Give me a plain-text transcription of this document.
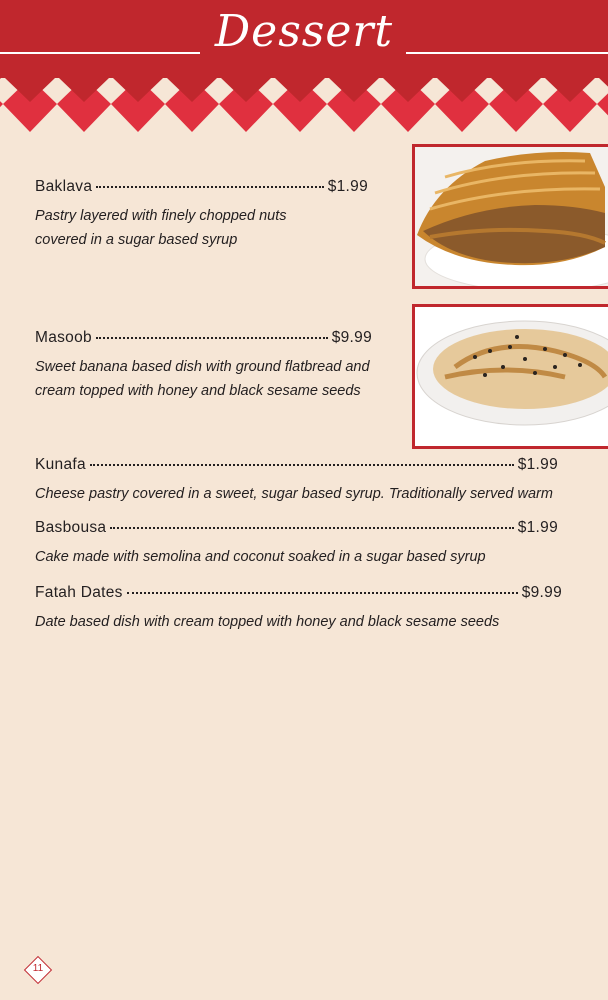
Dessert
Baklava	$1.99
Pastry layered with finely chopped nuts
covered in a sugar based syrup
Masoob	$9.99
Sweet banana based dish with ground flatbread and
cream topped with honey and black sesame seeds
Kunafa	$1.99
Cheese pastry covered in a sweet, sugar based syrup. Traditionally served warm
Basbousa	$1.99
Cake made with semolina and coconut soaked in a sugar based syrup
Fatah Dates	$9.99
Date based dish with cream topped with honey and black sesame seeds
11
